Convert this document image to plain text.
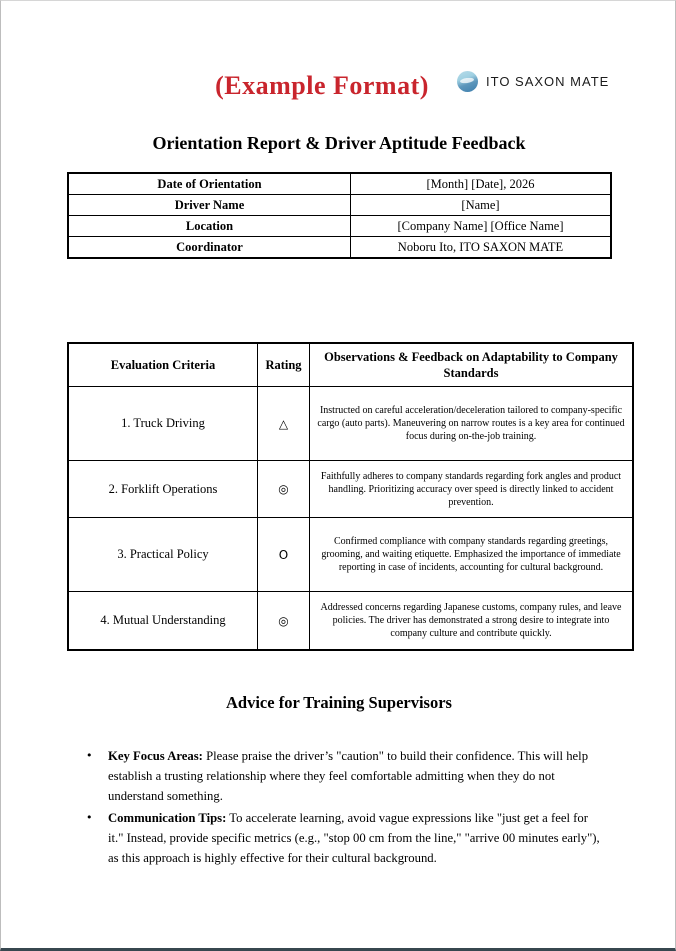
(Example Format)	ITO SAXON MATE
Orientation Report & Driver Aptitude Feedback
Date of Orientation	[Month] [Date], 2026
Driver Name	[Name]
Location	[Company Name] [Office Name]
Coordinator	Noboru Ito, ITO SAXON MATE
Evaluation Criteria	Rating	Observations & Feedback on Adaptability to Company Standards
1. Truck Driving	△	Instructed on careful acceleration/deceleration tailored to company-specific cargo (auto parts). Maneuvering on narrow routes is a key area for continued focus during on-the-job training.
2. Forklift Operations	◎	Faithfully adheres to company standards regarding fork angles and product handling. Prioritizing accuracy over speed is directly linked to accident prevention.
3. Practical Policy	O	Confirmed compliance with company standards regarding greetings, grooming, and waiting etiquette. Emphasized the importance of immediate reporting in case of incidents, accounting for cultural background.
4. Mutual Understanding	◎	Addressed concerns regarding Japanese customs, company rules, and leave policies. The driver has demonstrated a strong desire to integrate into company culture and contribute quickly.
Advice for Training Supervisors
•	Key Focus Areas: Please praise the driver’s "caution" to build their confidence. This will help establish a trusting relationship where they feel comfortable admitting when they do not understand something.

•	Communication Tips: To accelerate learning, avoid vague expressions like "just get a feel for it." Instead, provide specific metrics (e.g., "stop 00 cm from the line," "arrive 00 minutes early"), as this approach is highly effective for their cultural background.
